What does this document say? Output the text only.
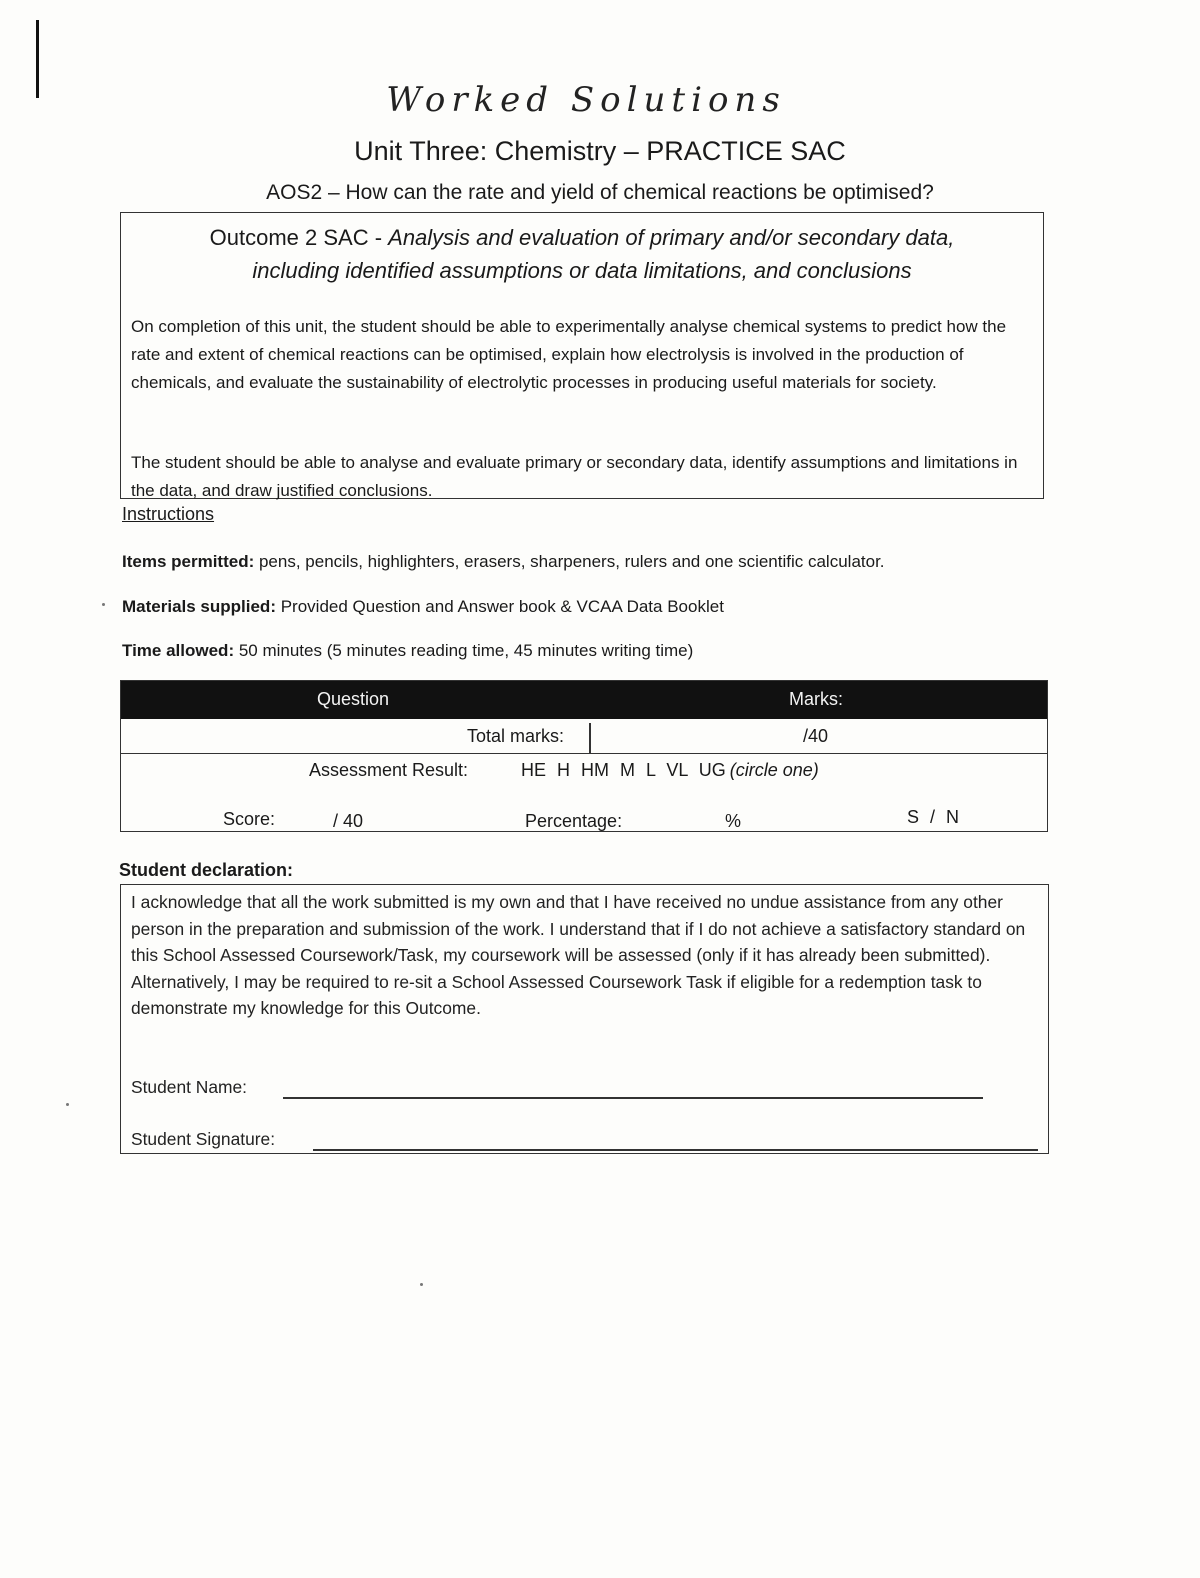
Worked Solutions
Unit Three: Chemistry – PRACTICE SAC
AOS2 – How can the rate and yield of chemical reactions be optimised?
Outcome 2 SAC - Analysis and evaluation of primary and/or secondary data,
including identified assumptions or data limitations, and conclusions

On completion of this unit, the student should be able to experimentally analyse chemical systems to predict how the rate and extent of chemical reactions can be optimised, explain how electrolysis is involved in the production of chemicals, and evaluate the sustainability of electrolytic processes in producing useful materials for society.

The student should be able to analyse and evaluate primary or secondary data, identify assumptions and limitations in the data, and draw justified conclusions.

Instructions
Items permitted: pens, pencils, highlighters, erasers, sharpeners, rulers and one scientific calculator.
Materials supplied: Provided Question and Answer book & VCAA Data Booklet
Time allowed: 50 minutes (5 minutes reading time, 45 minutes writing time)
Question	Marks:
Total marks:	/40
Assessment Result:	HE H HM M L VL UG (circle one)
Score:	/ 40	Percentage:	%	S / N
Student declaration:

I acknowledge that all the work submitted is my own and that I have received no undue assistance from any other person in the preparation and submission of the work. I understand that if I do not achieve a satisfactory standard on this School Assessed Coursework/Task, my coursework will be assessed (only if it has already been submitted). Alternatively, I may be required to re-sit a School Assessed Coursework Task if eligible for a redemption task to demonstrate my knowledge for this Outcome.

Student Name:
Student Signature:
